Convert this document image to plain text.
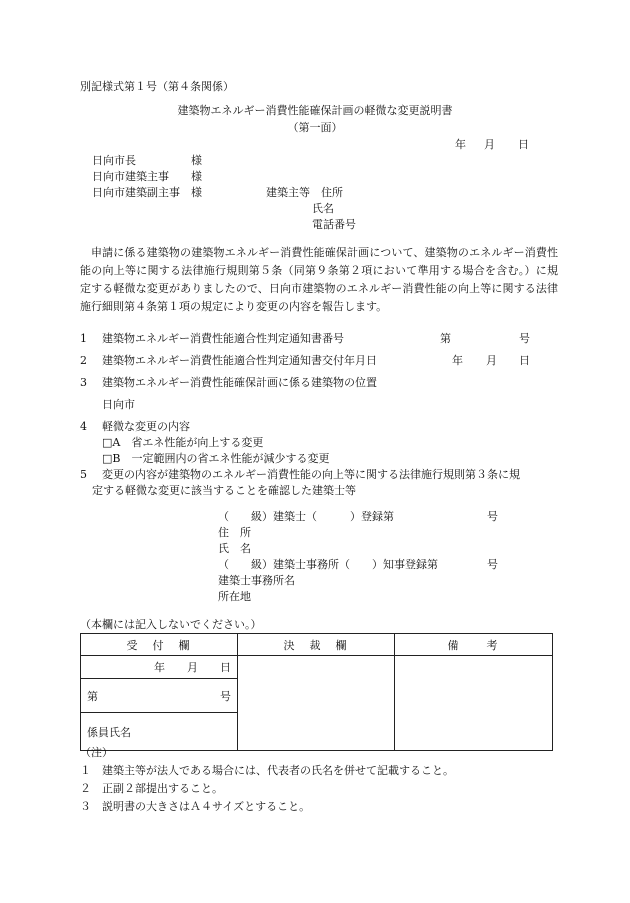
別記様式第１号（第４条関係）
建築物エネルギー消費性能確保計画の軽微な変更説明書
（第一面）
年 月 日
日向市長　　　　　様
日向市建築主事　　様
日向市建築副主事　様	建築主等　住所
氏名
電話番号
申請に係る建築物の建築物エネルギー消費性能確保計画について、建築物のエネルギー消費性能の向上等に関する法律施行規則第５条（同第９条第２項において準用する場合を含む。）に規定する軽微な変更がありましたので、日向市建築物のエネルギー消費性能の向上等に関する法律施行細則第４条第１項の規定により変更の内容を報告します。
1 建築物エネルギー消費性能適合性判定通知書番号	第	号
2 建築物エネルギー消費性能適合性判定通知書交付年月日	年 月 日
3 建築物エネルギー消費性能確保計画に係る建築物の位置
日向市
4 軽微な変更の内容
□A　省エネ性能が向上する変更
□B　一定範囲内の省エネ性能が減少する変更
5 変更の内容が建築物のエネルギー消費性能の向上等に関する法律施行規則第３条に規
定する軽微な変更に該当することを確認した建築士等
（　　級）建築士（　　　）登録第	号
住　所
氏　名
（　　級）建築士事務所（　　）知事登録第	号
建築士事務所名
所在地
（本欄には記入しないでください。）
受　付　欄	決　裁　欄	備　　考
年　　月　　日		

第 号		

係員氏名		
（注）
１　建築主等が法人である場合には、代表者の氏名を併せて記載すること。
２　正副２部提出すること。
３　説明書の大きさはＡ４サイズとすること。
